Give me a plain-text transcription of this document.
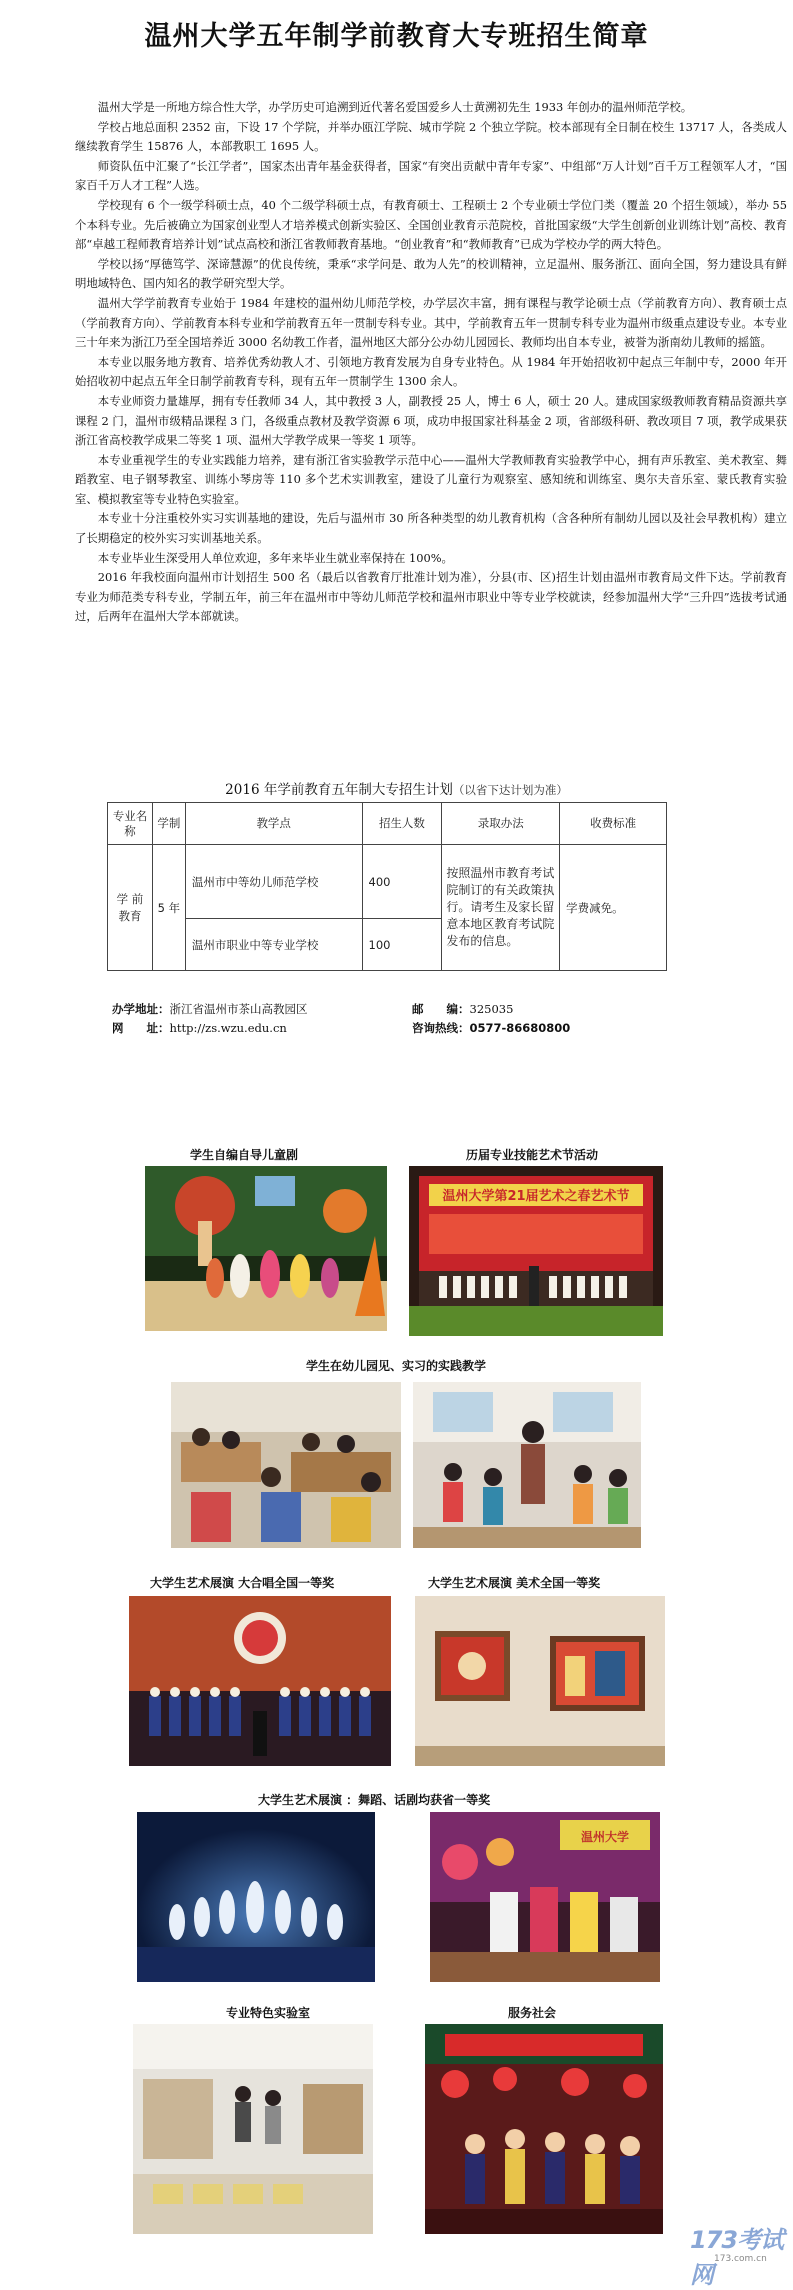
温州大学五年制学前教育大专班招生简章

温州大学是一所地方综合性大学，办学历史可追溯到近代著名爱国爱乡人士黄溯初先生 1933 年创办的温州师范学校。

学校占地总面积 2352 亩，下设 17 个学院，并举办瓯江学院、城市学院 2 个独立学院。校本部现有全日制在校生 13717 人，各类成人继续教育学生 15876 人，本部教职工 1695 人。

师资队伍中汇聚了“长江学者”，国家杰出青年基金获得者，国家“有突出贡献中青年专家”、中组部“万人计划”百千万工程领军人才，“国家百千万人才工程”人选。

学校现有 6 个一级学科硕士点，40 个二级学科硕士点，有教育硕士、工程硕士 2 个专业硕士学位门类（覆盖 20 个招生领域），举办 55 个本科专业。先后被确立为国家创业型人才培养模式创新实验区、全国创业教育示范院校，首批国家级“大学生创新创业训练计划”高校、教育部“卓越工程师教育培养计划”试点高校和浙江省教师教育基地。“创业教育”和“教师教育”已成为学校办学的两大特色。

学校以扬“厚德笃学、深谛慧源”的优良传统，秉承“求学问是、敢为人先”的校训精神，立足温州、服务浙江、面向全国，努力建设具有鲜明地域特色、国内知名的教学研究型大学。

温州大学学前教育专业始于 1984 年建校的温州幼儿师范学校，办学层次丰富，拥有课程与教学论硕士点（学前教育方向）、教育硕士点（学前教育方向）、学前教育本科专业和学前教育五年一贯制专科专业。其中，学前教育五年一贯制专科专业为温州市级重点建设专业。本专业三十年来为浙江乃至全国培养近 3000 名幼教工作者，温州地区大部分公办幼儿园园长、教师均出自本专业，被誉为浙南幼儿教师的摇篮。

本专业以服务地方教育、培养优秀幼教人才、引领地方教育发展为自身专业特色。从 1984 年开始招收初中起点三年制中专，2000 年开始招收初中起点五年全日制学前教育专科，现有五年一贯制学生 1300 余人。

本专业师资力量雄厚，拥有专任教师 34 人，其中教授 3 人，副教授 25 人，博士 6 人，硕士 20 人。建成国家级教师教育精品资源共享课程 2 门，温州市级精品课程 3 门，各级重点教材及教学资源 6 项，成功申报国家社科基金 2 项，省部级科研、教改项目 7 项，教学成果获浙江省高校教学成果二等奖 1 项、温州大学教学成果一等奖 1 项等。

本专业重视学生的专业实践能力培养，建有浙江省实验教学示范中心——温州大学教师教育实验教学中心，拥有声乐教室、美术教室、舞蹈教室、电子钢琴教室、训练小琴房等 110 多个艺术实训教室，建设了儿童行为观察室、感知统和训练室、奥尔夫音乐室、蒙氏教育实验室、模拟教室等专业特色实验室。

本专业十分注重校外实习实训基地的建设，先后与温州市 30 所各种类型的幼儿教育机构（含各种所有制幼儿园以及社会早教机构）建立了长期稳定的校外实习实训基地关系。

本专业毕业生深受用人单位欢迎，多年来毕业生就业率保持在 100%。

2016 年我校面向温州市计划招生 500 名（最后以省教育厅批准计划为准），分县(市、区)招生计划由温州市教育局文件下达。学前教育专业为师范类专科专业，学制五年，前三年在温州市中等幼儿师范学校和温州市职业中等专业学校就读，经参加温州大学“三升四”选拔考试通过，后两年在温州大学本部就读。

2016 年学前教育五年制大专招生计划（以省下达计划为准）
专业名称	学制	教学点	招生人数	录取办法	收费标准
学 前 教育	5 年	温州市中等幼儿师范学校	400	按照温州市教育考试院制订的有关政策执行。请考生及家长留意本地区教育考试院发布的信息。	学费减免。
		温州市职业中等专业学校	100		
办学地址：浙江省温州市茶山高教园区
网　　址：http://zs.wzu.edu.cn
邮　　编：325035
咨询热线：0577-86680800
学生自编自导儿童剧	历届专业技能艺术节活动
温州大学第21届艺术之春艺术节
学生在幼儿园见、实习的实践教学
大学生艺术展演 大合唱全国一等奖	大学生艺术展演 美术全国一等奖
大学生艺术展演 ：舞蹈、话剧均获省一等奖
温州大学
专业特色实验室	服务社会
173考试网
173.com.cn
